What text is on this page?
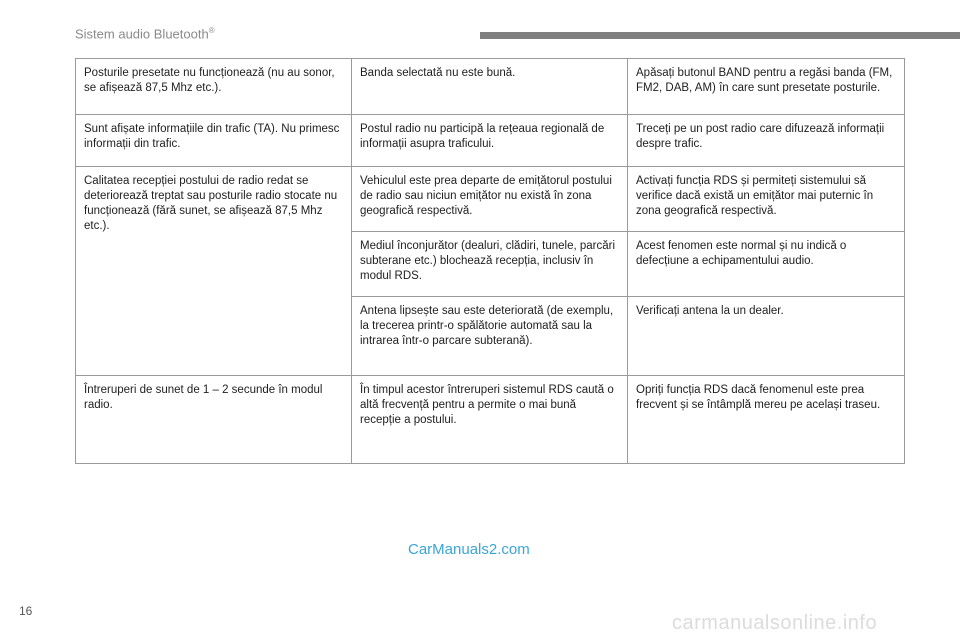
Sistem audio Bluetooth®
Posturile presetate nu funcționează (nu au sonor, se afișează 87,5 Mhz etc.).	Banda selectată nu este bună.	Apăsați butonul BAND pentru a regăsi banda (FM, FM2, DAB, AM) în care sunt presetate posturile.
Sunt afișate informațiile din trafic (TA). Nu primesc informații din trafic.	Postul radio nu participă la rețeaua regională de informații asupra traficului.	Treceți pe un post radio care difuzează informații despre trafic.
Calitatea recepției postului de radio redat se deteriorează treptat sau posturile radio stocate nu funcționează (fără sunet, se afișează 87,5 Mhz etc.).	Vehiculul este prea departe de emițătorul postului de radio sau niciun emițător nu există în zona geografică respectivă.	Activați funcția RDS și permiteți sistemului să verifice dacă există un emițător mai puternic în zona geografică respectivă.
	Mediul înconjurător (dealuri, clădiri, tunele, parcări subterane etc.) blochează recepția, inclusiv în modul RDS.	Acest fenomen este normal și nu indică o defecțiune a echipamentului audio.
	Antena lipsește sau este deteriorată (de exemplu, la trecerea printr-o spălătorie automată sau la intrarea într-o parcare subterană).	Verificați antena la un dealer.
Întreruperi de sunet de 1 – 2 secunde în modul radio.	În timpul acestor întreruperi sistemul RDS caută o altă frecvență pentru a permite o mai bună recepție a postului.	Opriți funcția RDS dacă fenomenul este prea frecvent și se întâmplă mereu pe același traseu.
CarManuals2.com
16
carmanualsonline.info
